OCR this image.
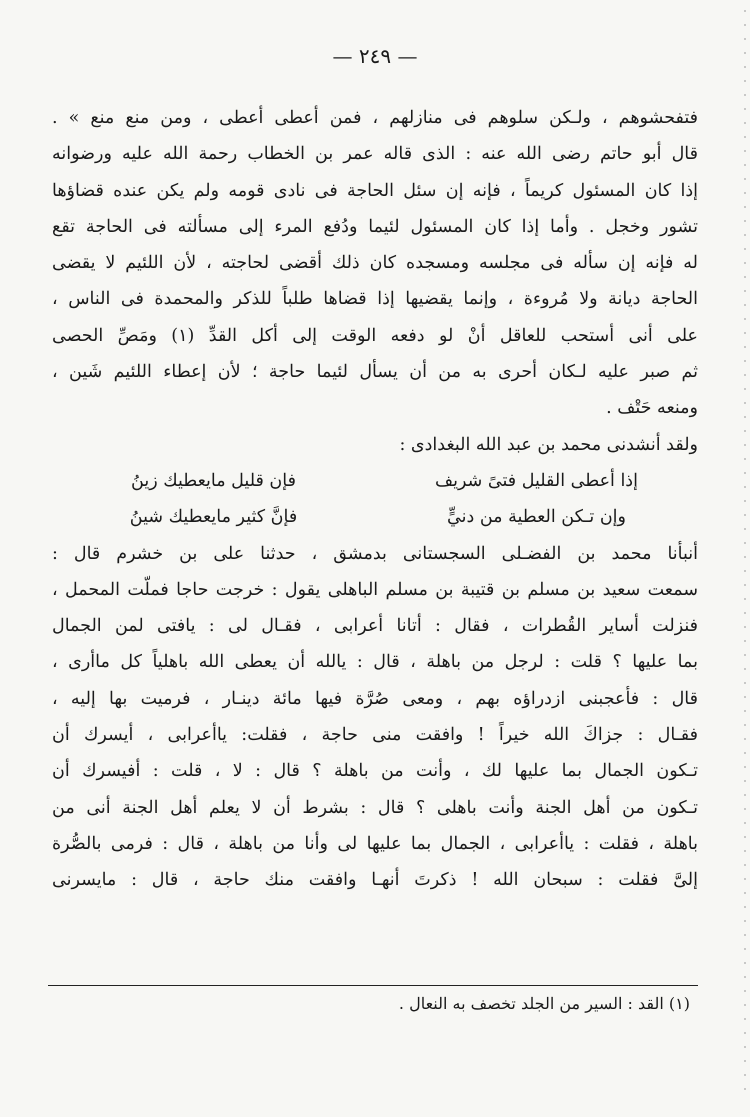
— ٢٤٩ —
فتفحشوهم ، ولـكن سلوهم فى منازلهم ، فمن أعطى أعطى ، ومن منع منع » .
قال أبو حاتم رضى الله عنه : الذى قاله عمر بن الخطاب رحمة الله عليه ورضوانه
إذا كان المسئول كريماً ، فإنه إن سئل الحاجة فى نادى قومه ولم يكن عنده قضاؤها
تشور وخجل . وأما إذا كان المسئول لئيما ودُفع المرء إلى مسألته فى الحاجة تقع
له فإنه إن سأله فى مجلسه ومسجده كان ذلك أقضى لحاجته ، لأن اللئيم لا يقضى
الحاجة ديانة ولا مُروءة ، وإنما يقضيها إذا قضاها طلباً للذكر والمحمدة فى الناس ،
على أنى أستحب للعاقل أنْ لو دفعه الوقت إلى أكل القدِّ (١) ومَصِّ الحصى
ثم صبر عليه لـكان أحرى به من أن يسأل لئيما حاجة ؛ لأن إعطاء اللئيم شَين ،
ومنعه حَتْف .
ولقد أنشدنى محمد بن عبد الله البغدادى :
إذا أعطى القليل فتىً شريف
فإن قليل مايعطيك زينُ
وإن تـكن العطية من دنيٍّ
فإنَّ كثير مايعطيك شينُ
أنبأنا محمد بن الفضـلى السجستانى بدمشق ، حدثنا على بن خشرم قال :
سمعت سعيد بن مسلم بن قتيبة بن مسلم الباهلى يقول : خرجت حاجا فملّت المحمل ،
فنزلت أساير القُطرات ، فقال : أتانا أعرابى ، فقـال لى : يافتى لمن الجمال
بما عليها ؟ قلت : لرجل من باهلة ، قال : يالله أن يعطى الله باهلياً كل ماأرى ،
قال : فأعجبنى ازدراؤه بهم ، ومعى صُرَّة فيها مائة دينـار ، فرميت بها إليه ،
فقـال : جزاكَ الله خيراً ! وافقت منى حاجة ، فقلت: ياأعرابى ، أيسرك أن
تـكون الجمال بما عليها لك ، وأنت من باهلة ؟ قال : لا ، قلت : أفيسرك أن
تـكون من أهل الجنة وأنت باهلى ؟ قال : بشرط أن لا يعلم أهل الجنة أنى من
باهلة ، فقلت : ياأعرابى ، الجمال بما عليها لى وأنا من باهلة ، قال : فرمى بالصُّرة
إلىَّ فقلت : سبحان الله ! ذكرتَ أنهـا وافقت منك حاجة ، قال : مايسرنى
(١) القد : السير من الجلد تخصف به النعال .
